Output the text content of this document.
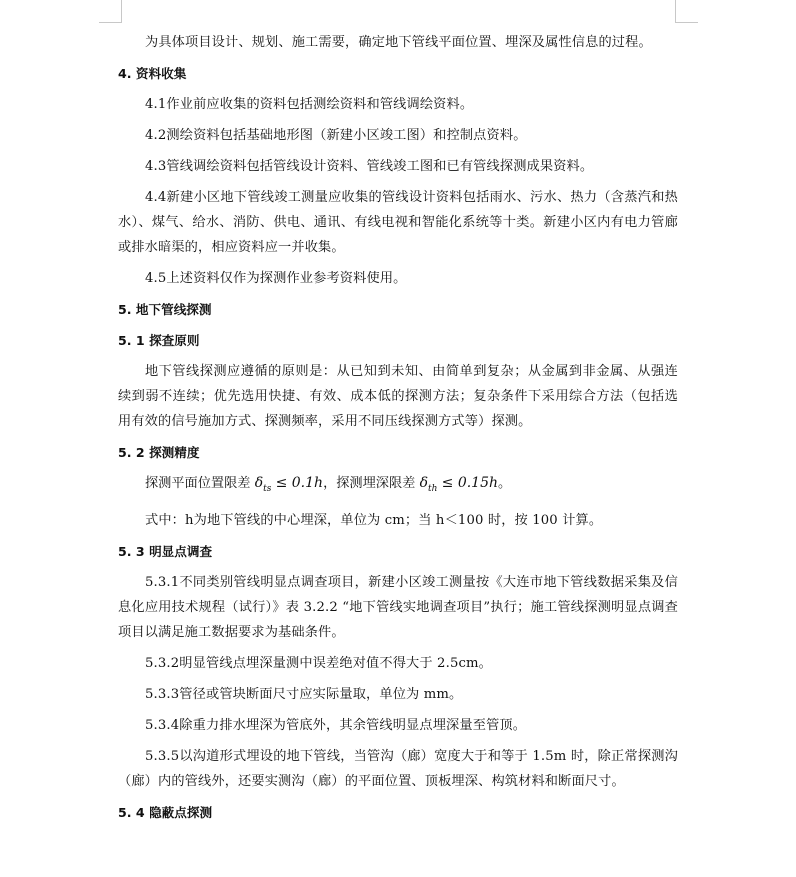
为具体项目设计、规划、施工需要，确定地下管线平面位置、埋深及属性信息的过程。

4. 资料收集

4.1作业前应收集的资料包括测绘资料和管线调绘资料。

4.2测绘资料包括基础地形图（新建小区竣工图）和控制点资料。

4.3管线调绘资料包括管线设计资料、管线竣工图和已有管线探测成果资料。

4.4新建小区地下管线竣工测量应收集的管线设计资料包括雨水、污水、热力（含蒸汽和热水）、煤气、给水、消防、供电、通讯、有线电视和智能化系统等十类。新建小区内有电力管廊或排水暗渠的，相应资料应一并收集。

4.5上述资料仅作为探测作业参考资料使用。

5. 地下管线探测

5. 1 探查原则

地下管线探测应遵循的原则是：从已知到未知、由简单到复杂；从金属到非金属、从强连续到弱不连续；优先选用快捷、有效、成本低的探测方法；复杂条件下采用综合方法（包括选用有效的信号施加方式、探测频率，采用不同压线探测方式等）探测。

5. 2 探测精度

探测平面位置限差 $\delta_{ts} \le 0.1h$，探测埋深限差 $\delta_{th} \le 0.15h$。

式中：h为地下管线的中心埋深，单位为 cm；当 h＜100 时，按 100 计算。

5. 3 明显点调查

5.3.1不同类别管线明显点调查项目，新建小区竣工测量按《大连市地下管线数据采集及信息化应用技术规程（试行）》表 3.2.2 “地下管线实地调查项目”执行；施工管线探测明显点调查项目以满足施工数据要求为基础条件。

5.3.2明显管线点埋深量测中误差绝对值不得大于 2.5cm。

5.3.3管径或管块断面尺寸应实际量取，单位为 mm。

5.3.4除重力排水埋深为管底外，其余管线明显点埋深量至管顶。

5.3.5以沟道形式埋设的地下管线，当管沟（廊）宽度大于和等于 1.5m 时，除正常探测沟（廊）内的管线外，还要实测沟（廊）的平面位置、顶板埋深、构筑材料和断面尺寸。

5. 4 隐蔽点探测
